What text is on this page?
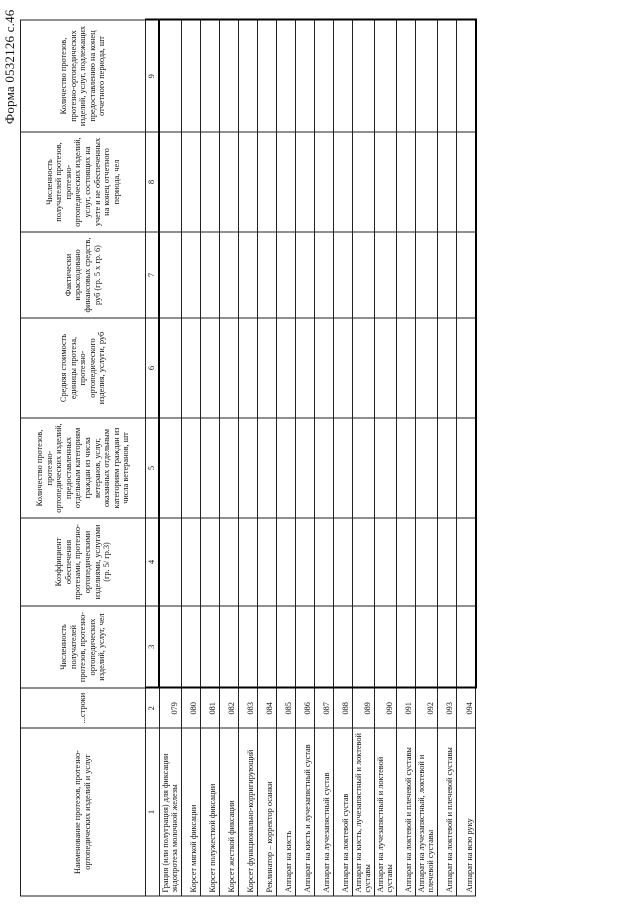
Форма 0532126 с.46
Наименование протезов, протезно-ортопедических изделий и услуг	...строки	Численность получателей протезов, протезно-ортопедических изделий, услуг, чел	Коэффициент обеспечения протезами, протезно-ортопедическими изделиями, услугами (гр. 5/ гр.3)	Количество протезов, протезно-ортопедических изделий, предоставленных отдельным категориям граждан из числа ветеранов, услуг, оказанных отдельным категориям граждан из числа ветеранов, шт	Средняя стоимость единицы протеза, протезно-ортопедического изделия, услуги, руб	Фактически израсходовано финансовых средств, руб (гр. 5 х гр. 6)	Численность получателей протезов, протезно-ортопедических изделий, услуг, состоящих на учете и не обеспеченных на конец отчетного периода, чел	Количество протезов, протезно-ортопедических изделий, услуг, подлежащих предоставлению на конец отчетного периода, шт
1	2	3	4	5	6	7	8	9
Грация (или полуграция) для фиксации эндопротеза молочной железы	079							
Корсет мягкой фиксации	080							
Корсет полужесткой фиксации	081							
Корсет жесткой фиксации	082							
Корсет функционально-корригирующий	083							
Реклинатор – корректор осанки	084							
Аппарат на кисть	085							
Аппарат на кисть и лучезапястный сустав	086							
Аппарат на лучезапястный сустав	087							
Аппарат на локтевой сустав	088							
Аппарат на кисть, лучезапястный и локтевой суставы	089							
Аппарат на лучезапястный и локтевой суставы	090							
Аппарат на локтевой и плечевой суставы	091							
Аппарат на лучезапястный, локтевой и плечевой суставы	092							
Аппарат на локтевой и плечевой суставы	093							
Аппарат на всю руку	094							
